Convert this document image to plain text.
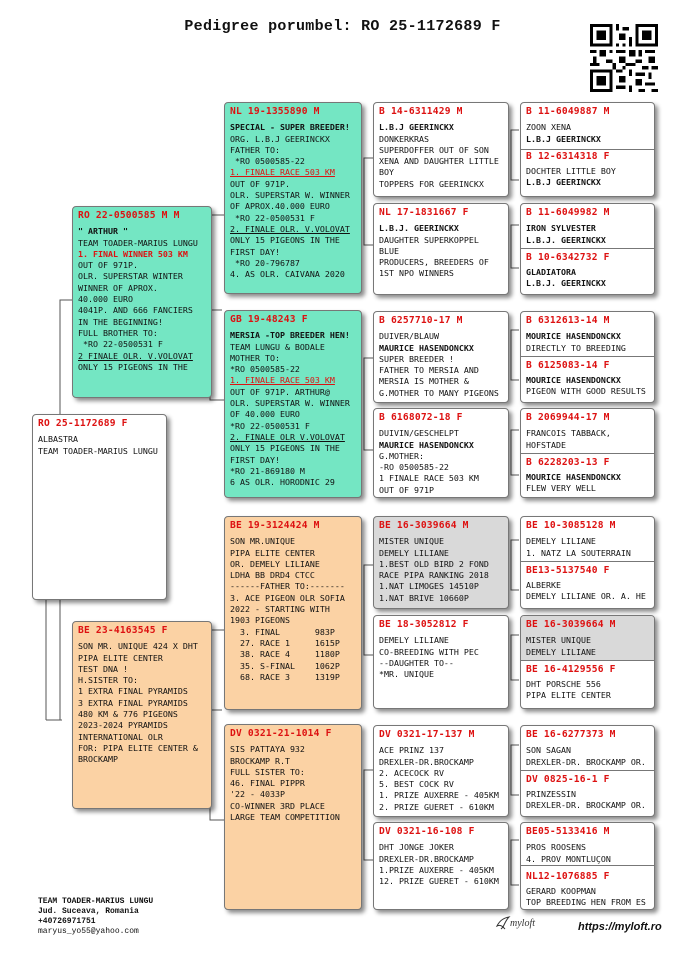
Pedigree porumbel: RO 25-1172689 F
RO 25-1172689 F
ALBASTRA
TEAM TOADER-MARIUS LUNGU
RO 22-0500585 M M
" ARTHUR "
TEAM TOADER-MARIUS LUNGU
1. FINAL WINNER 503 KM
OUT OF 971P.
OLR. SUPERSTAR WINTER
WINNER OF APROX.
40.000 EURO
4041P. AND 666 FANCIERS
IN THE BEGINNING!
FULL BROTHER TO:
*RO 22-0500531 F
2 FINALE OLR. V.VOLOVAT
ONLY 15 PIGEONS IN THE
BE 23-4163545 F
SON MR. UNIQUE 424 X DHT
PIPA ELITE CENTER
TEST DNA !
H.SISTER TO:
1 EXTRA FINAL PYRAMIDS
3 EXTRA FINAL PYRAMIDS
480 KM & 776 PIGEONS
2023-2024 PYRAMIDS
INTERNATIONAL OLR
FOR: PIPA ELITE CENTER &
BROCKAMP
NL 19-1355890 M
SPECIAL - SUPER BREEDER!
ORG. L.B.J GEERINCKX
FATHER TO:
*RO 0500585-22
1. FINALE RACE 503 KM
OUT OF 971P.
OLR. SUPERSTAR W. WINNER
OF APROX.40.000 EURO
*RO 22-0500531 F
2. FINALE OLR. V.VOLOVAT
ONLY 15 PIGEONS IN THE
FIRST DAY!
*RO 20-796787
4. AS OLR. CAIVANA 2020
GB 19-48243 F
MERSIA -TOP BREEDER HEN!
TEAM LUNGU & BODALE
MOTHER TO:
*RO 0500585-22
1. FINALE RACE 503 KM
OUT OF 971P. ARTHUR@
OLR. SUPERSTAR W. WINNER
OF 40.000 EURO
*RO 22-0500531 F
2. FINALE OLR V.VOLOVAT
ONLY 15 PIGEONS IN THE
FIRST DAY!
*RO 21-869180 M
6 AS OLR. HORODNIC 29
BE 19-3124424 M
SON MR.UNIQUE
PIPA ELITE CENTER
OR. DEMELY LILIANE
LDHA BB DRD4 CTCC
------FATHER TO:-------
3. ACE PIGEON OLR SOFIA
2022 - STARTING WITH
1903 PIGEONS
3. FINAL       983P
27. RACE 1     1615P
38. RACE 4     1180P
35. S-FINAL    1062P
68. RACE 3     1319P
DV 0321-21-1014 F
SIS PATTAYA 932
BROCKAMP R.T
FULL SISTER TO:
46. FINAL PIPPR
'22 - 4033P
CO-WINNER 3RD PLACE
LARGE TEAM COMPETITION
B 14-6311429 M
L.B.J GEERINCKX
DONKERKRAS
SUPERDOFFER OUT OF SON
XENA AND DAUGHTER LITTLE
BOY
TOPPERS FOR GEERINCKX
NL 17-1831667 F
L.B.J. GEERINCKX
DAUGHTER SUPERKOPPEL
BLUE
PRODUCERS, BREEDERS OF
1ST NPO WINNERS
B 6257710-17 M
DUIVER/BLAUW
MAURICE HASENDONCKX
SUPER BREEDER !
FATHER TO MERSIA AND
MERSIA IS MOTHER &
G.MOTHER TO MANY PIGEONS
B 6168072-18 F
DUIVIN/GESCHELPT
MAURICE HASENDONCKX
G.MOTHER:
-RO 0500585-22
1 FINALE RACE 503 KM
OUT OF 971P
BE 16-3039664 M
MISTER UNIQUE
DEMELY LILIANE
1.BEST OLD BIRD 2 FOND
RACE PIPA RANKING 2018
1.NAT LIMOGES 14510P
1.NAT BRIVE 10660P
BE 18-3052812 F
DEMELY LILIANE
CO-BREEDING WITH PEC
--DAUGHTER TO--
*MR. UNIQUE
DV 0321-17-137 M
ACE PRINZ 137
DREXLER-DR.BROCKAMP
2. ACECOCK RV
5. BEST COCK RV
1. PRIZE AUXERRE - 405KM
2. PRIZE GUERET - 610KM
DV 0321-16-108 F
DHT JONGE JOKER
DREXLER-DR.BROCKAMP
1.PRIZE AUXERRE - 405KM
12. PRIZE GUERET - 610KM
B 11-6049887 M
ZOON XENA
L.B.J GEERINCKX
B 12-6314318 F
DOCHTER LITTLE BOY
L.B.J GEERINCKX
B 11-6049982 M
IRON SYLVESTER
L.B.J. GEERINCKX
B 10-6342732 F
GLADIATORA
L.B.J. GEERINCKX
B 6312613-14 M
MOURICE HASENDONCKX
DIRECTLY TO BREEDING
B 6125083-14 F
MOURICE HASENDONCKX
PIGEON WITH GOOD RESULTS
B 2069944-17 M
FRANCOIS TABBACK,
HOFSTADE
B 6228203-13 F
MOURICE HASENDONCKX
FLEW VERY WELL
BE 10-3085128 M
DEMELY LILIANE
1. NATZ LA SOUTERRAIN
BE13-5137540 F
ALBERKE
DEMELY LILIANE OR. A. HE
BE 16-3039664 M
MISTER UNIQUE
DEMELY LILIANE
BE 16-4129556 F
DHT PORSCHE 556
PIPA ELITE CENTER
BE 16-6277373 M
SON SAGAN
DREXLER-DR. BROCKAMP OR.
DV 0825-16-1 F
PRINZESSIN
DREXLER-DR. BROCKAMP OR.
BE05-5133416 M
PROS ROOSENS
4. PROV MONTLUÇON
NL12-1076885 F
GERARD KOOPMAN
TOP BREEDING HEN FROM ES
TEAM TOADER-MARIUS LUNGU
Jud. Suceava, Romania
+40726971751
maryus_yo55@yahoo.com
myloft	https://myloft.ro
